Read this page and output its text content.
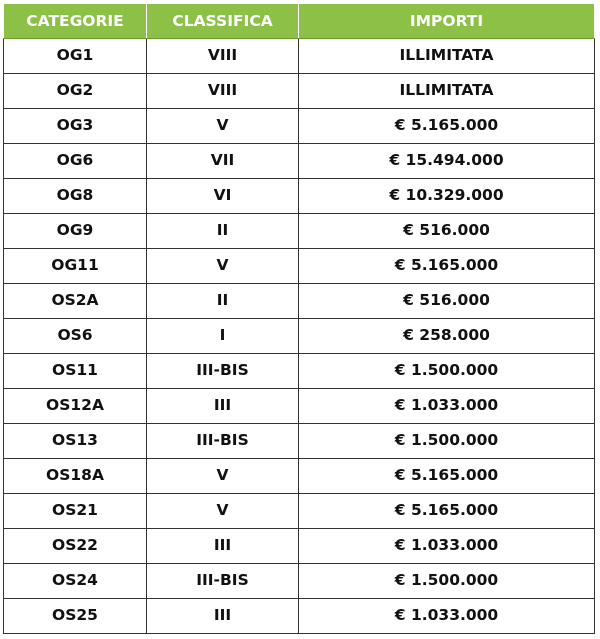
CATEGORIE	CLASSIFICA	IMPORTI
OG1	VIII	ILLIMITATA
OG2	VIII	ILLIMITATA
OG3	V	€ 5.165.000
OG6	VII	€ 15.494.000
OG8	VI	€ 10.329.000
OG9	II	€ 516.000
OG11	V	€ 5.165.000
OS2A	II	€ 516.000
OS6	I	€ 258.000
OS11	III-BIS	€ 1.500.000
OS12A	III	€ 1.033.000
OS13	III-BIS	€ 1.500.000
OS18A	V	€ 5.165.000
OS21	V	€ 5.165.000
OS22	III	€ 1.033.000
OS24	III-BIS	€ 1.500.000
OS25	III	€ 1.033.000
